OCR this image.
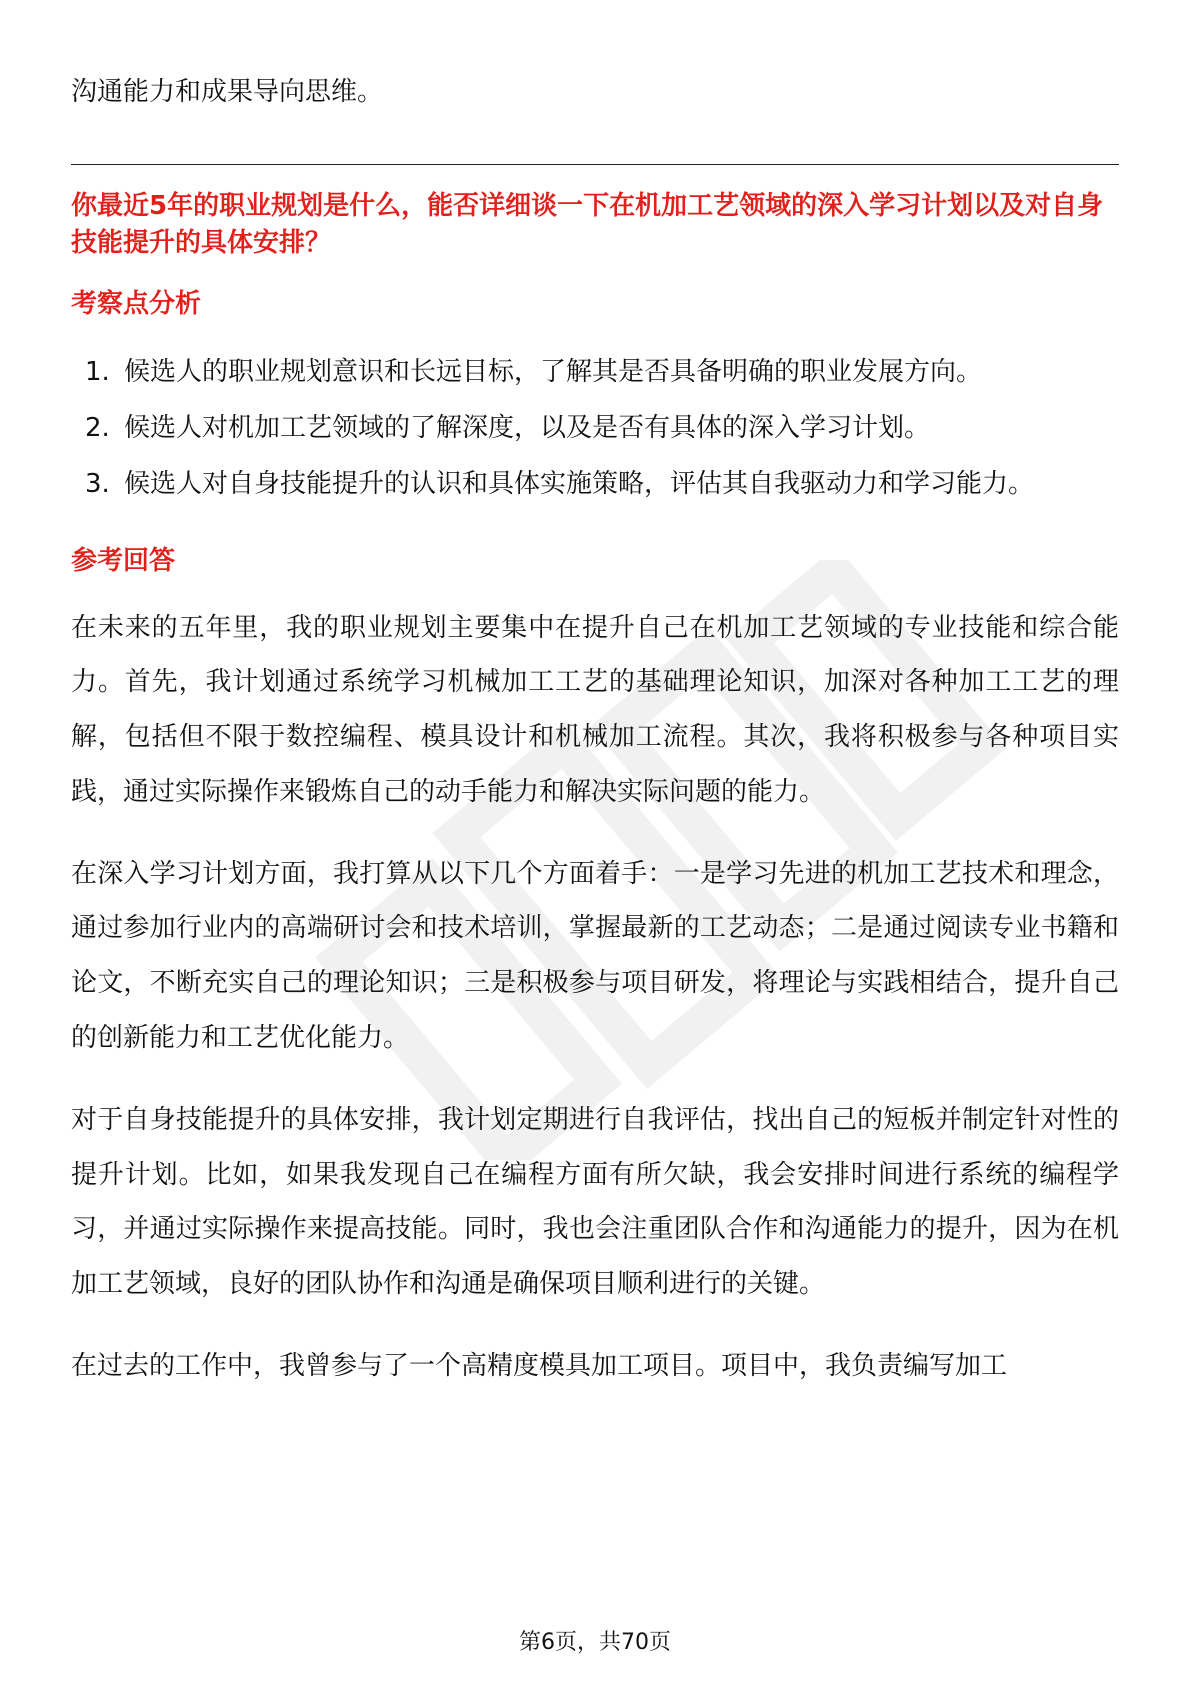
沟通能力和成果导向思维。

你最近5年的职业规划是什么，能否详细谈一下在机加工艺领域的深入学习计划以及对自身技能提升的具体安排？

考察点分析
1. 候选人的职业规划意识和长远目标，了解其是否具备明确的职业发展方向。
2. 候选人对机加工艺领域的了解深度，以及是否有具体的深入学习计划。
3. 候选人对自身技能提升的认识和具体实施策略，评估其自我驱动力和学习能力。
参考回答

在未来的五年里，我的职业规划主要集中在提升自己在机加工艺领域的专业技能和综合能力。首先，我计划通过系统学习机械加工工艺的基础理论知识，加深对各种加工工艺的理解，包括但不限于数控编程、模具设计和机械加工流程。其次，我将积极参与各种项目实践，通过实际操作来锻炼自己的动手能力和解决实际问题的能力。

在深入学习计划方面，我打算从以下几个方面着手：一是学习先进的机加工艺技术和理念，通过参加行业内的高端研讨会和技术培训，掌握最新的工艺动态；二是通过阅读专业书籍和论文，不断充实自己的理论知识；三是积极参与项目研发，将理论与实践相结合，提升自己的创新能力和工艺优化能力。

对于自身技能提升的具体安排，我计划定期进行自我评估，找出自己的短板并制定针对性的提升计划。比如，如果我发现自己在编程方面有所欠缺，我会安排时间进行系统的编程学习，并通过实际操作来提高技能。同时，我也会注重团队合作和沟通能力的提升，因为在机加工艺领域，良好的团队协作和沟通是确保项目顺利进行的关键。

在过去的工作中，我曾参与了一个高精度模具加工项目。项目中，我负责编写加工

第6页，共70页
